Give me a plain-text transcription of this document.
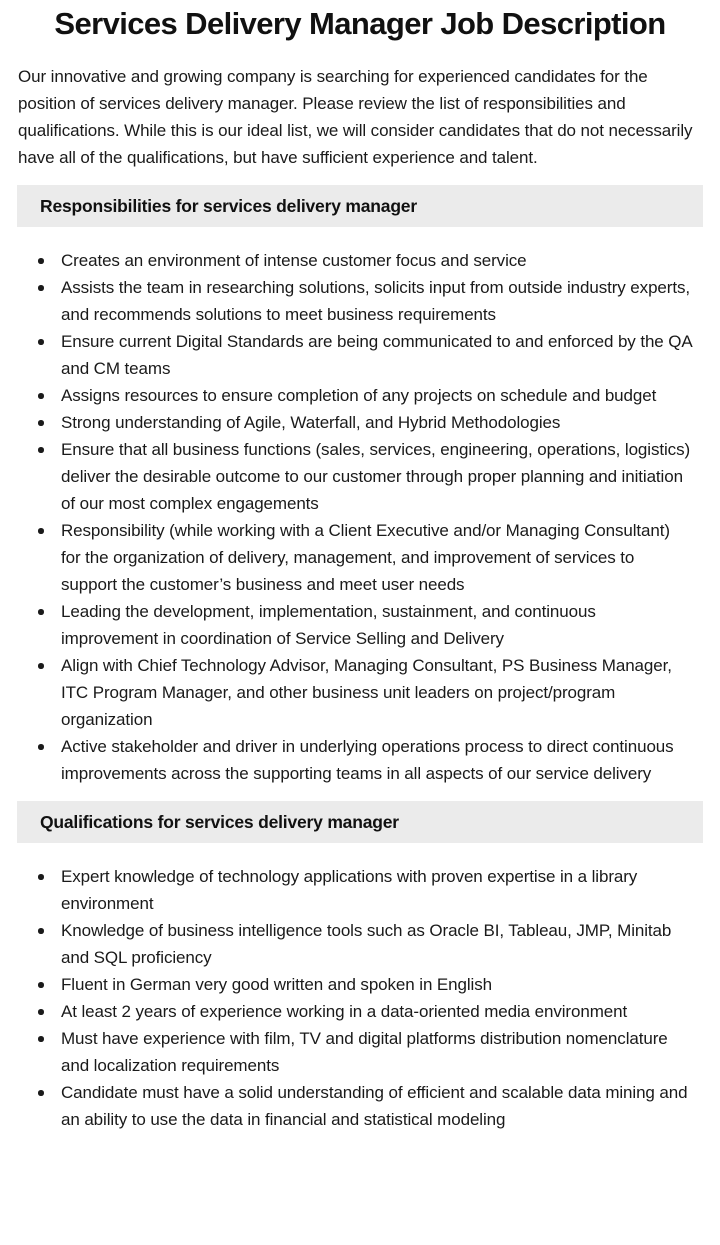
Services Delivery Manager Job Description

Our innovative and growing company is searching for experienced candidates for the position of services delivery manager. Please review the list of responsibilities and qualifications. While this is our ideal list, we will consider candidates that do not necessarily have all of the qualifications, but have sufficient experience and talent.

Responsibilities for services delivery manager
Creates an environment of intense customer focus and service
Assists the team in researching solutions, solicits input from outside industry experts, and recommends solutions to meet business requirements
Ensure current Digital Standards are being communicated to and enforced by the QA and CM teams
Assigns resources to ensure completion of any projects on schedule and budget
Strong understanding of Agile, Waterfall, and Hybrid Methodologies
Ensure that all business functions (sales, services, engineering, operations, logistics) deliver the desirable outcome to our customer through proper planning and initiation of our most complex engagements
Responsibility (while working with a Client Executive and/or Managing Consultant) for the organization of delivery, management, and improvement of services to support the customer’s business and meet user needs
Leading the development, implementation, sustainment, and continuous improvement in coordination of Service Selling and Delivery
Align with Chief Technology Advisor, Managing Consultant, PS Business Manager, ITC Program Manager, and other business unit leaders on project/program organization
Active stakeholder and driver in underlying operations process to direct continuous improvements across the supporting teams in all aspects of our service delivery
Qualifications for services delivery manager
Expert knowledge of technology applications with proven expertise in a library environment
Knowledge of business intelligence tools such as Oracle BI, Tableau, JMP, Minitab and SQL proficiency
Fluent in German very good written and spoken in English
At least 2 years of experience working in a data-oriented media environment
Must have experience with film, TV and digital platforms distribution nomenclature and localization requirements
Candidate must have a solid understanding of efficient and scalable data mining and an ability to use the data in financial and statistical modeling
